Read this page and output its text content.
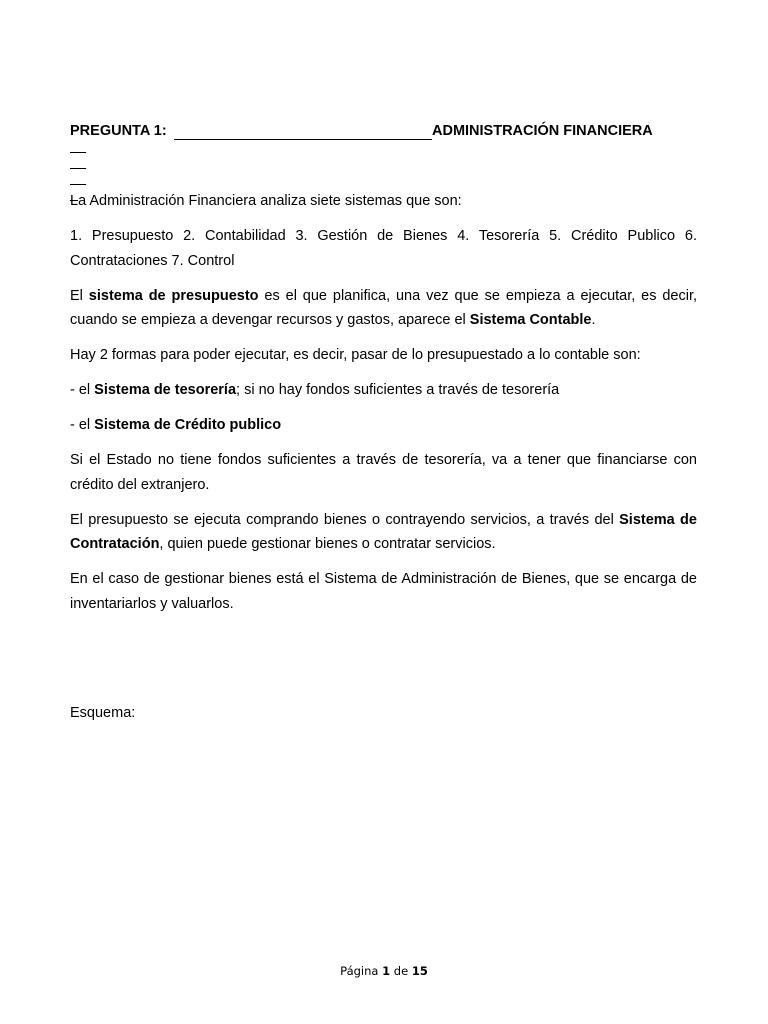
PREGUNTA 1:

	ADMINISTRACIÓN FINANCIERA

La Administración Financiera analiza siete sistemas que son:

1. Presupuesto 2. Contabilidad 3. Gestión de Bienes 4. Tesorería 5. Crédito Publico 6. Contrataciones 7. Control

El sistema de presupuesto es el que planifica, una vez que se empieza a ejecutar, es decir, cuando se empieza a devengar recursos y gastos, aparece el Sistema Contable.

Hay 2 formas para poder ejecutar, es decir, pasar de lo presupuestado a lo contable son:

- el Sistema de tesorería; si no hay fondos suficientes a través de tesorería

- el Sistema de Crédito publico

Si el Estado no tiene fondos suficientes a través de tesorería, va a tener que financiarse con crédito del extranjero.

El presupuesto se ejecuta comprando bienes o contrayendo servicios, a través del Sistema de Contratación, quien puede gestionar bienes o contratar servicios.

En el caso de gestionar bienes está el Sistema de Administración de Bienes, que se encarga de inventariarlos y valuarlos.

Esquema:
Página 1 de 15
